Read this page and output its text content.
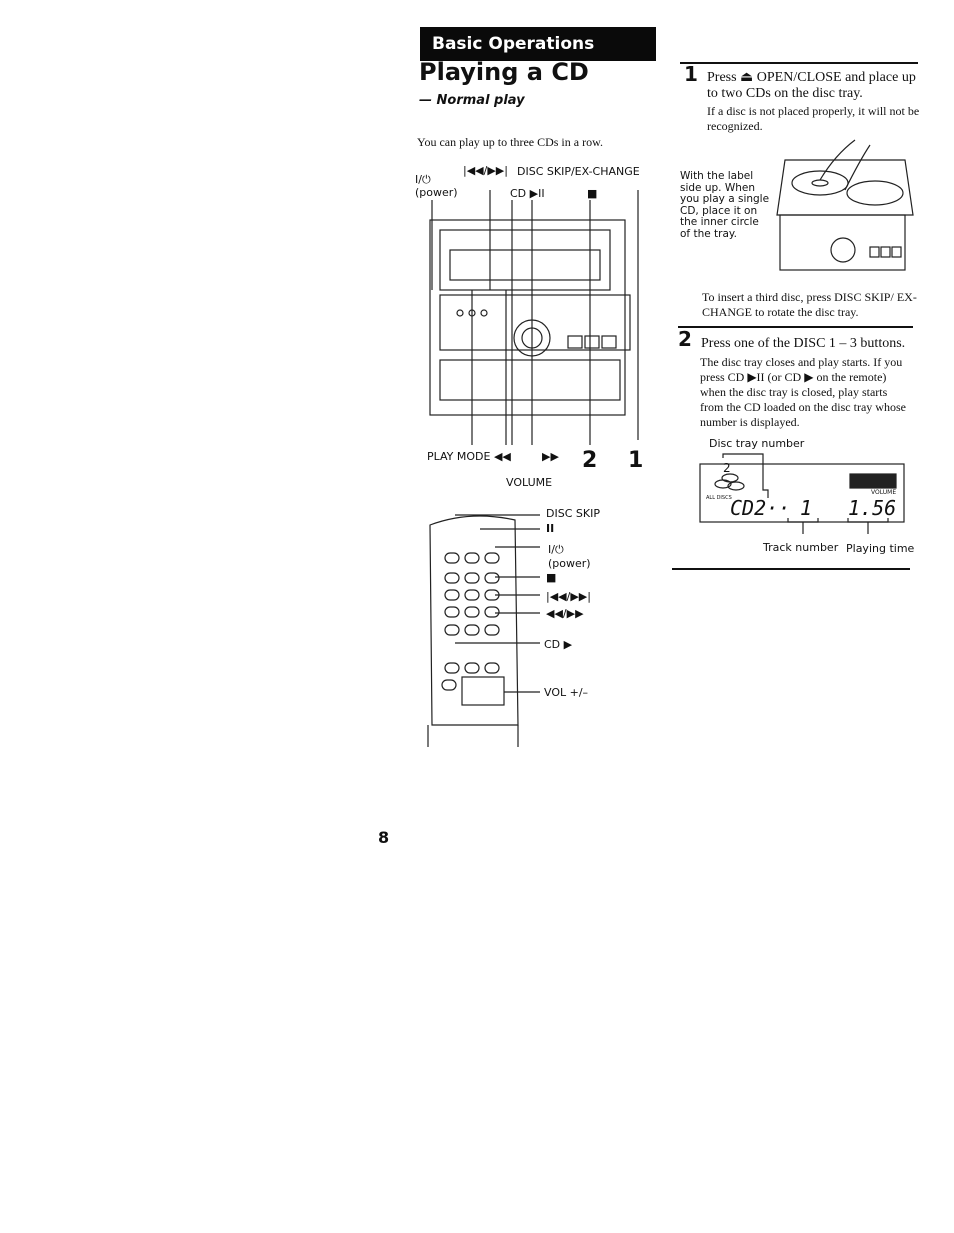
Basic Operations
Playing a CD
— Normal play
You can play up to three CDs in a row.
I/⏻
(power)
|◀◀/▶▶| DISC SKIP/EX-CHANGE
CD ▶II	■
PLAY MODE ◀◀	▶▶ 2 1
VOLUME
DISC SKIP
II
I/⏻
(power)
■
|◀◀/▶▶|
◀◀/▶▶
CD ▶
VOL +/–
1 Press ⏏ OPEN/CLOSE and place up to two CDs on the disc tray.
If a disc is not placed properly, it will not be recognized.
With the label side up. When you play a single CD, place it on the inner circle of the tray.
To insert a third disc, press DISC SKIP/ EX-CHANGE to rotate the disc tray.
2 Press one of the DISC 1 – 3 buttons.
The disc tray closes and play starts. If you press CD ▶II (or CD ▶ on the remote) when the disc tray is closed, play starts from the CD loaded on the disc tray whose number is displayed.
Disc tray number
2
ALL DISCS
CD2·· 1 1.56
VOLUME
Track number Playing time
8
